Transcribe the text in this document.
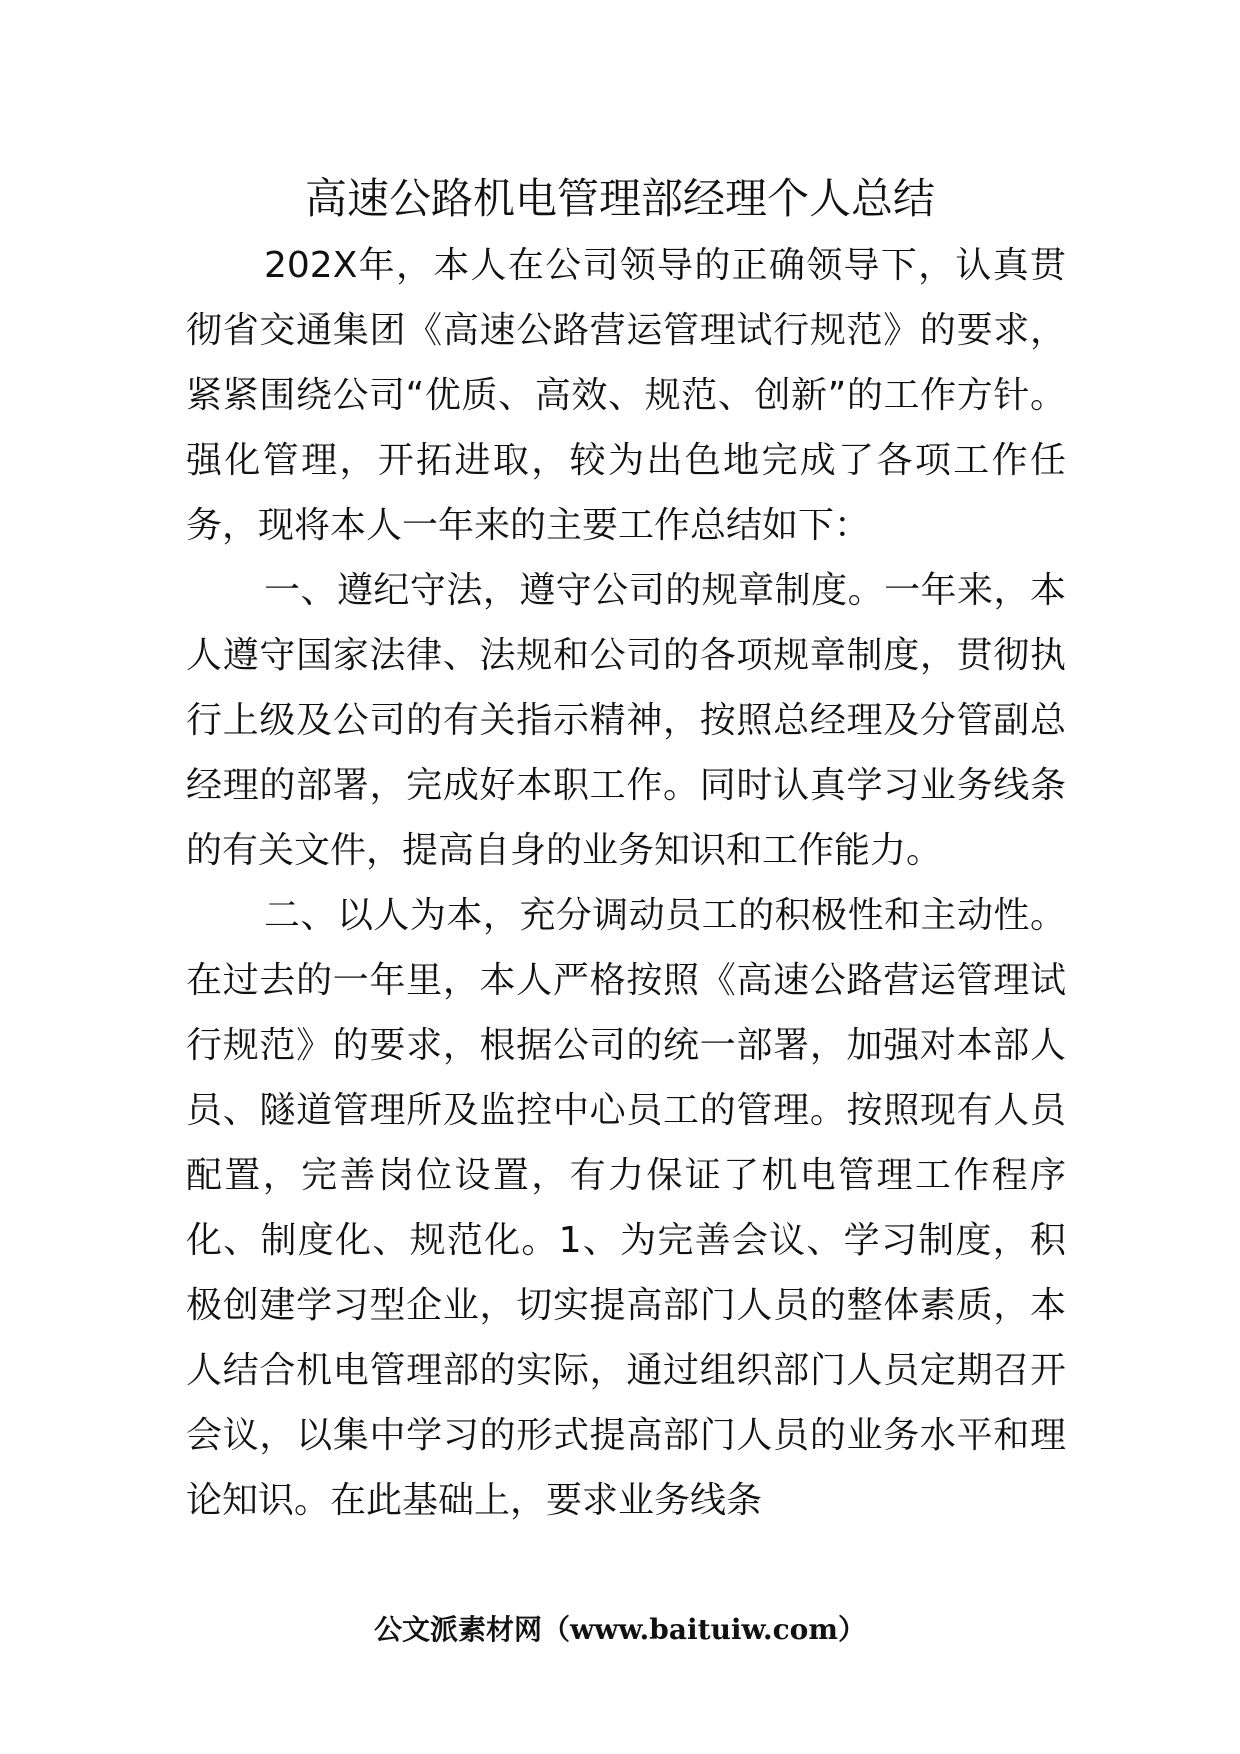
高速公路机电管理部经理个人总结

202X年，本人在公司领导的正确领导下，认真贯彻省交通集团《高速公路营运管理试行规范》的要求，紧紧围绕公司“优质、高效、规范、创新”的工作方针。强化管理，开拓进取，较为出色地完成了各项工作任务，现将本人一年来的主要工作总结如下：

一、遵纪守法，遵守公司的规章制度。一年来，本人遵守国家法律、法规和公司的各项规章制度，贯彻执行上级及公司的有关指示精神，按照总经理及分管副总经理的部署，完成好本职工作。同时认真学习业务线条的有关文件，提高自身的业务知识和工作能力。

二、以人为本，充分调动员工的积极性和主动性。在过去的一年里，本人严格按照《高速公路营运管理试行规范》的要求，根据公司的统一部署，加强对本部人员、隧道管理所及监控中心员工的管理。按照现有人员配置，完善岗位设置，有力保证了机电管理工作程序化、制度化、规范化。1、为完善会议、学习制度，积极创建学习型企业，切实提高部门人员的整体素质，本人结合机电管理部的实际，通过组织部门人员定期召开会议，以集中学习的形式提高部门人员的业务水平和理论知识。在此基础上，要求业务线条

公文派素材网（www.baituiw.com）
